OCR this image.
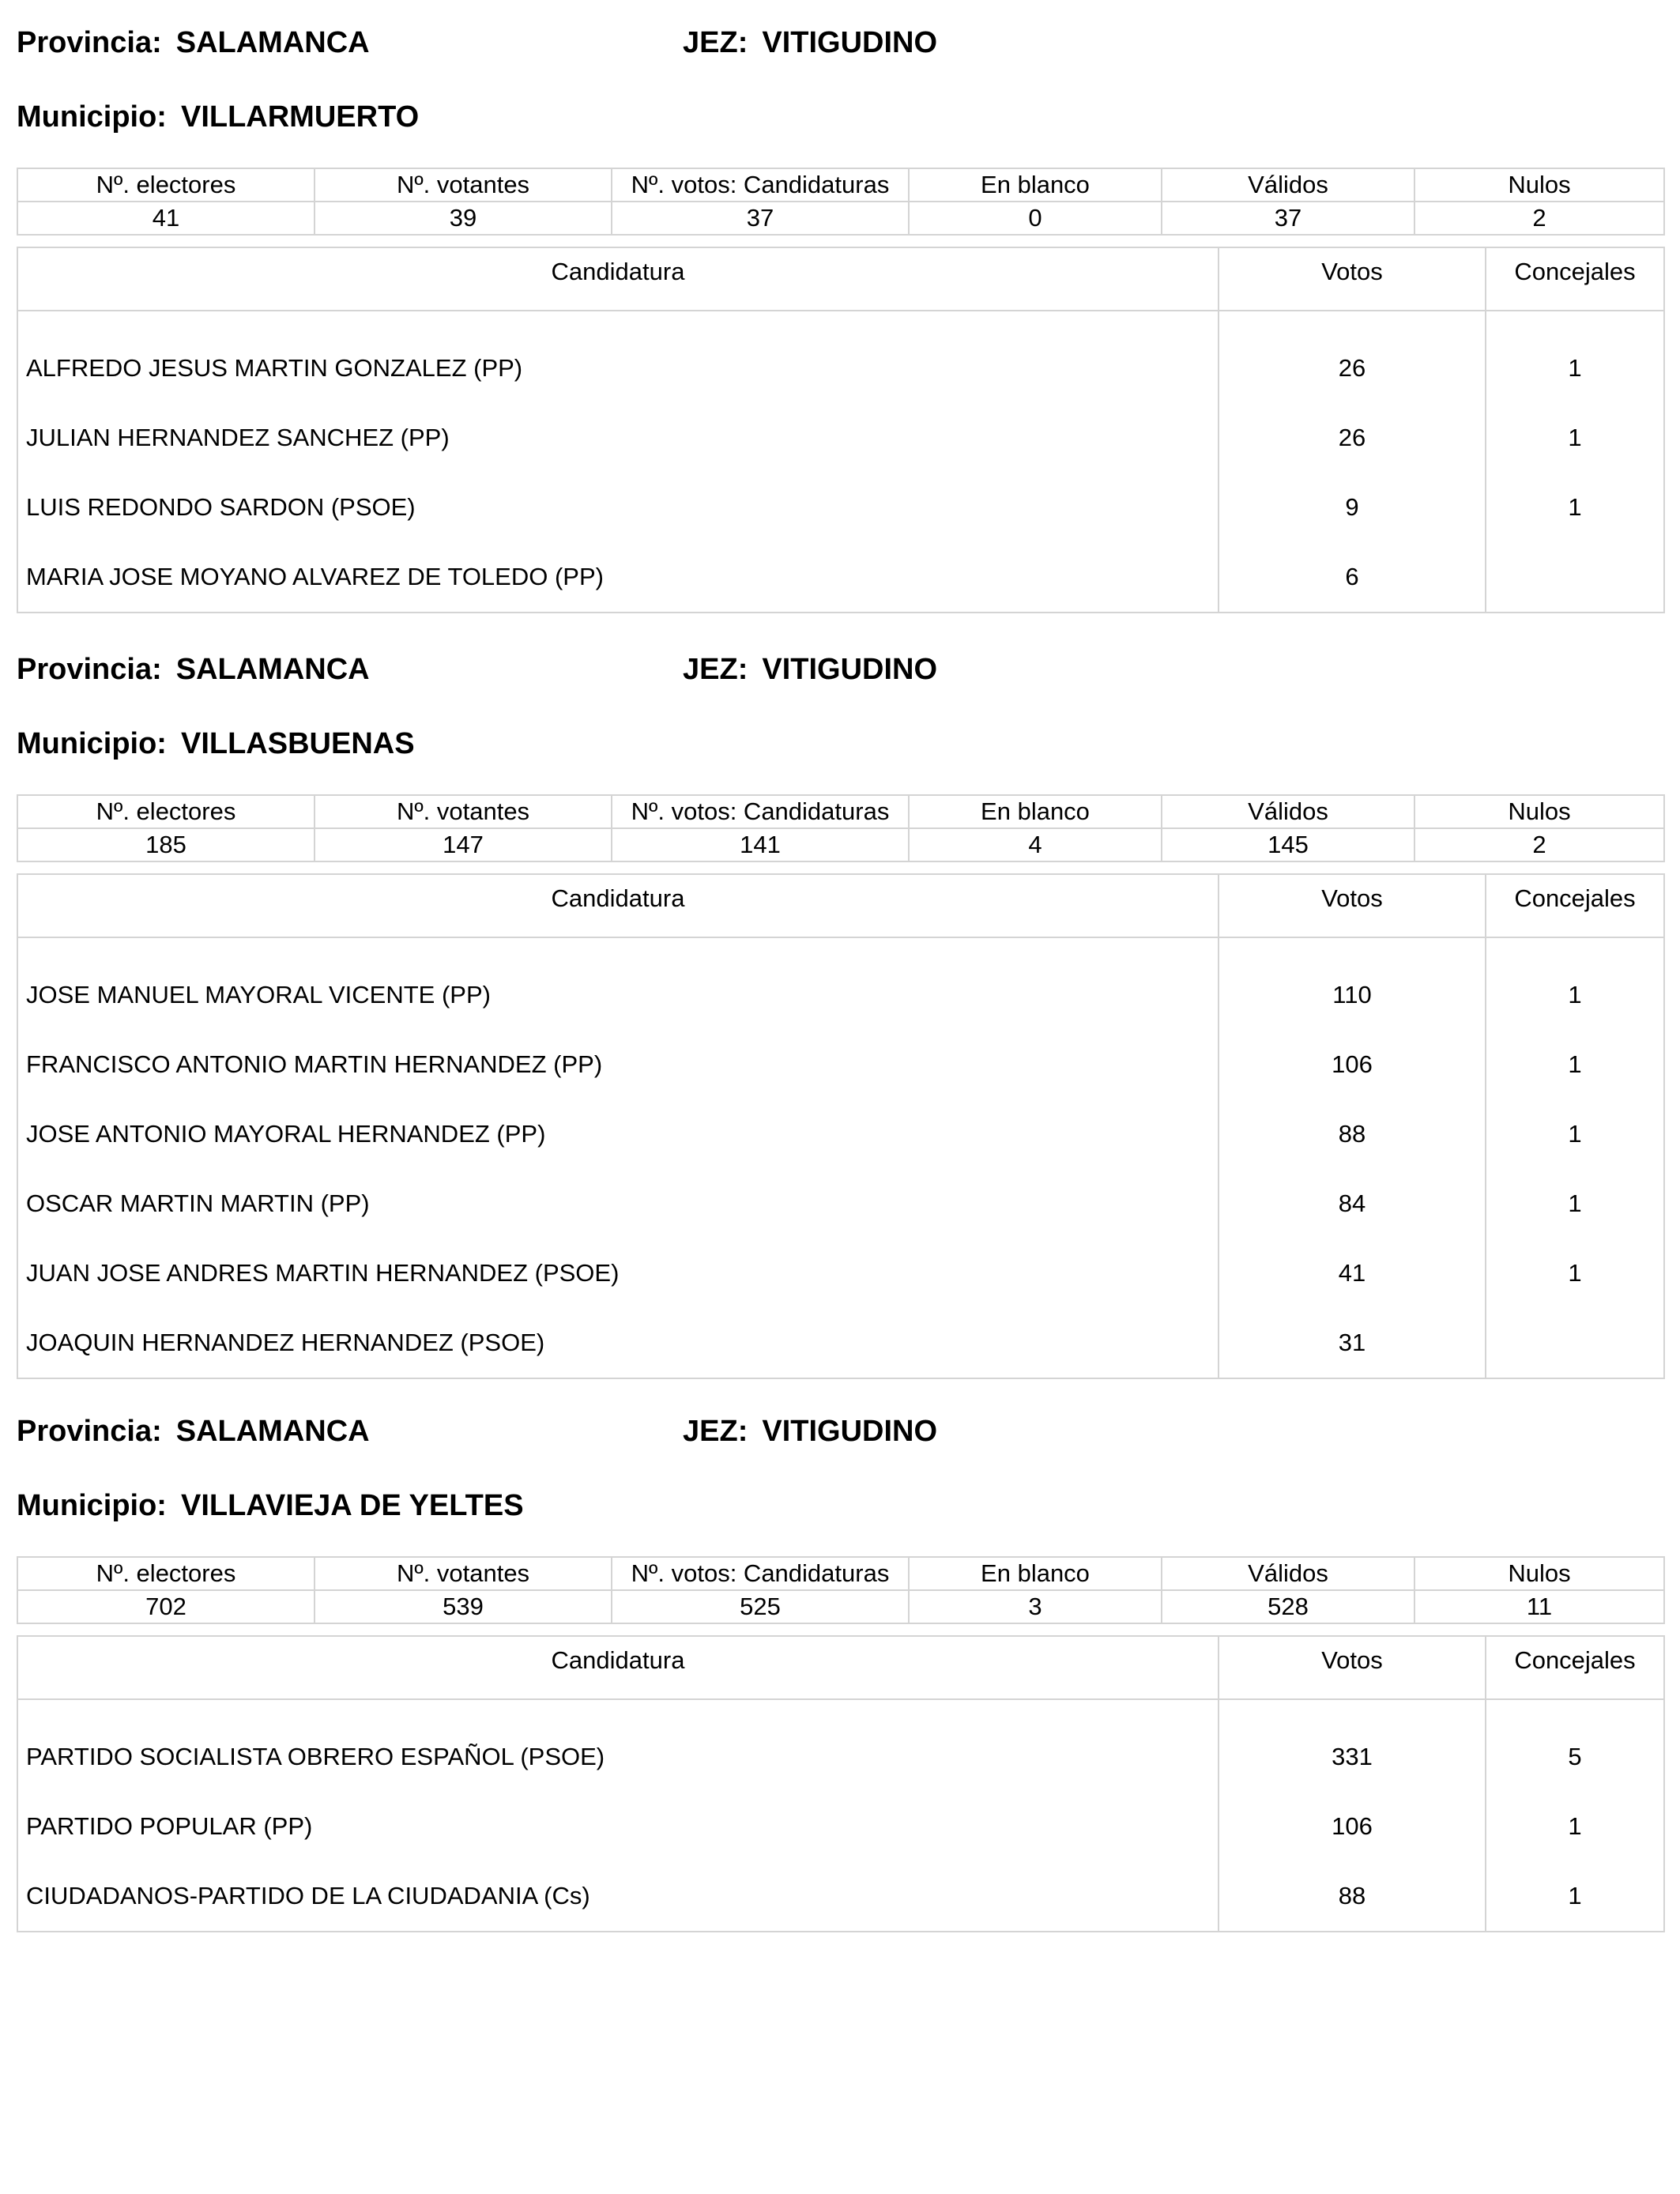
Provincia: SALAMANCA	JEZ: VITIGUDINO
Municipio: VILLARMUERTO
Nº. electores	Nº. votantes	Nº. votos: Candidaturas	En blanco	Válidos	Nulos
41	39	37	0	37	2
Candidatura	Votos	Concejales

ALFREDO JESUS MARTIN GONZALEZ (PP)	26	1
JULIAN HERNANDEZ SANCHEZ (PP)	26	1
LUIS REDONDO SARDON (PSOE)	9	1
MARIA JOSE MOYANO ALVAREZ DE TOLEDO (PP)	6	
Provincia: SALAMANCA	JEZ: VITIGUDINO
Municipio: VILLASBUENAS
Nº. electores	Nº. votantes	Nº. votos: Candidaturas	En blanco	Válidos	Nulos
185	147	141	4	145	2
Candidatura	Votos	Concejales

JOSE MANUEL MAYORAL VICENTE (PP)	110	1
FRANCISCO ANTONIO MARTIN HERNANDEZ (PP)	106	1
JOSE ANTONIO MAYORAL HERNANDEZ (PP)	88	1
OSCAR MARTIN MARTIN (PP)	84	1
JUAN JOSE ANDRES MARTIN HERNANDEZ (PSOE)	41	1
JOAQUIN HERNANDEZ HERNANDEZ (PSOE)	31	
Provincia: SALAMANCA	JEZ: VITIGUDINO
Municipio: VILLAVIEJA DE YELTES
Nº. electores	Nº. votantes	Nº. votos: Candidaturas	En blanco	Válidos	Nulos
702	539	525	3	528	11
Candidatura	Votos	Concejales

PARTIDO SOCIALISTA OBRERO ESPAÑOL (PSOE)	331	5
PARTIDO POPULAR (PP)	106	1
CIUDADANOS-PARTIDO DE LA CIUDADANIA (Cs)	88	1
